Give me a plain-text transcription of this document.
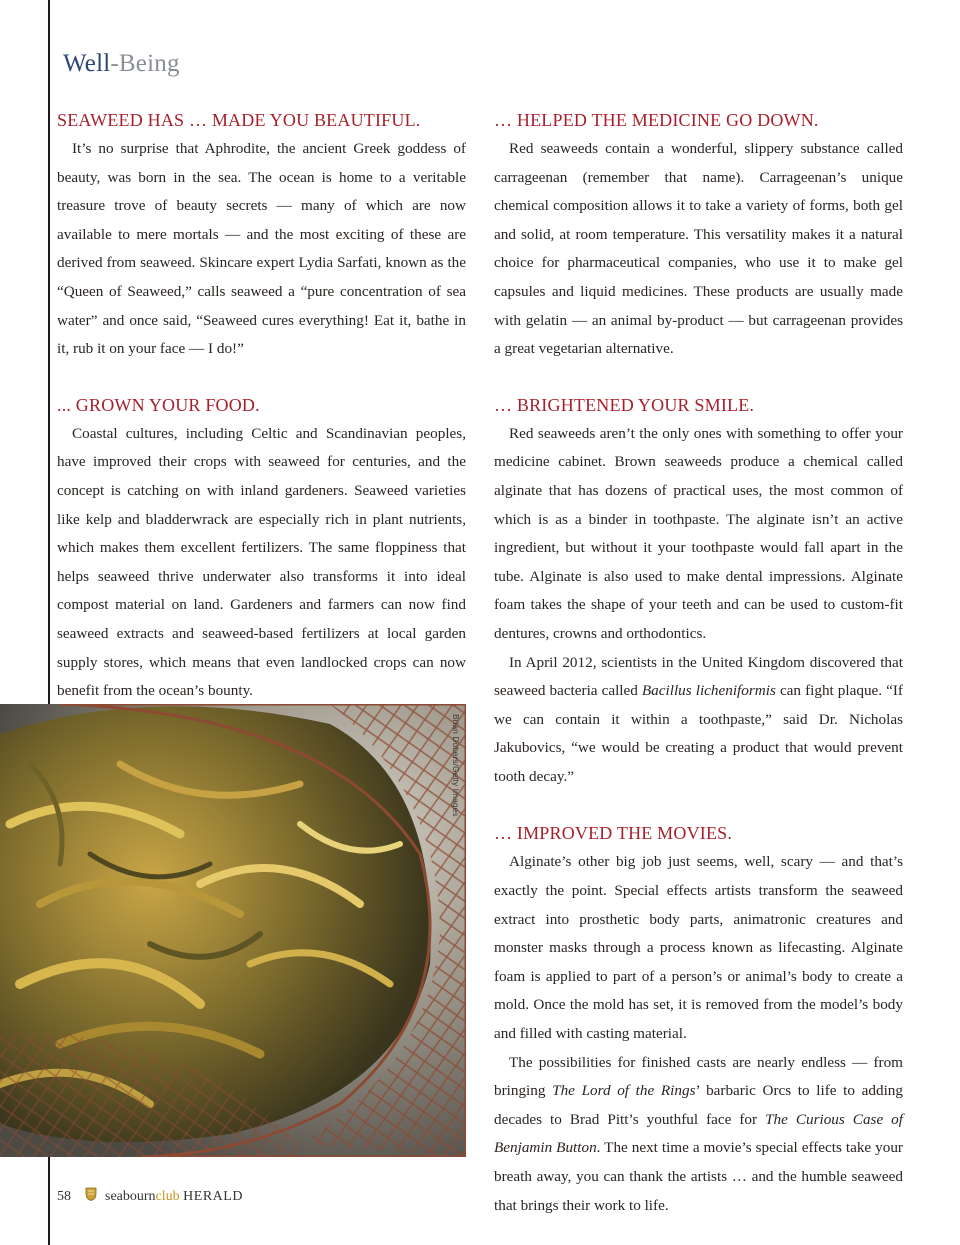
Well-Being
SEAWEED HAS … MADE YOU BEAUTIFUL.

It’s no surprise that Aphrodite, the ancient Greek goddess of beauty, was born in the sea. The ocean is home to a veritable treasure trove of beauty secrets — many of which are now available to mere mortals — and the most exciting of these are derived from seaweed. Skincare expert Lydia Sarfati, known as the “Queen of Seaweed,” calls seaweed a “pure concentration of sea water” and once said, “Seaweed cures everything! Eat it, bathe in it, rub it on your face — I do!”

... GROWN YOUR FOOD.

Coastal cultures, including Celtic and Scandinavian peoples, have improved their crops with seaweed for centuries, and the concept is catching on with inland gardeners. Seaweed varieties like kelp and bladderwrack are especially rich in plant nutrients, which makes them excellent fertilizers. The same floppiness that helps seaweed thrive underwater also transforms it into ideal compost material on land. Gardeners and farmers can now find seaweed extracts and seaweed-based fertilizers at local garden supply stores, which means that even landlocked crops can now benefit from the ocean’s bounty.

… HELPED THE MEDICINE GO DOWN.

Red seaweeds contain a wonderful, slippery substance called carrageenan (remember that name). Carrageenan’s unique chemical composition allows it to take a variety of forms, both gel and solid, at room temperature. This versatility makes it a natural choice for pharmaceutical companies, who use it to make gel capsules and liquid medicines. These products are usually made with gelatin — an animal by-product — but carrageenan provides a great vegetarian alternative.

… BRIGHTENED YOUR SMILE.

Red seaweeds aren’t the only ones with something to offer your medicine cabinet. Brown seaweeds produce a chemical called alginate that has dozens of practical uses, the most common of which is as a binder in toothpaste. The alginate isn’t an active ingredient, but without it your toothpaste would fall apart in the tube. Alginate is also used to make dental impressions. Alginate foam takes the shape of your teeth and can be used to custom-fit dentures, crowns and orthodontics.

In April 2012, scientists in the United Kingdom discovered that seaweed bacteria called Bacillus licheniformis can fight plaque. “If we can contain it within a toothpaste,” said Dr. Nicholas Jakubovics, “we would be creating a product that would prevent tooth decay.”

… IMPROVED THE MOVIES.

Alginate’s other big job just seems, well, scary — and that’s exactly the point. Special effects artists transform the seaweed extract into prosthetic body parts, animatronic creatures and monster masks through a process known as lifecasting. Alginate foam is applied to part of a person’s or animal’s body to create a mold. Once the mold has set, it is removed from the model’s body and filled with casting material.

The possibilities for finished casts are nearly endless — from bringing The Lord of the Rings’ barbaric Orcs to life to adding decades to Brad Pitt’s youthful face for The Curious Case of Benjamin Button. The next time a movie’s special effects take your breath away, you can thank the artists … and the humble seaweed that brings their work to life.

Brian Dobers/Getty Images
58 seabournclub HERALD
